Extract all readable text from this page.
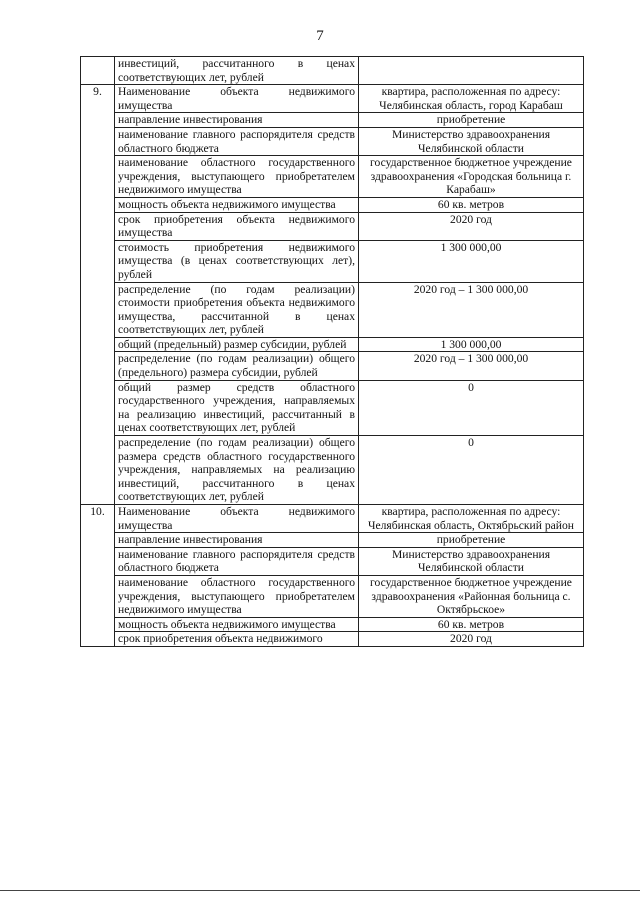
7
	инвестиций, рассчитанного в ценах соответствующих лет, рублей	
9.	Наименование объекта недвижимого имущества	квартира, расположенная по адресу: Челябинская область, город Карабаш
	направление инвестирования	приобретение
	наименование главного распорядителя средств областного бюджета	Министерство здравоохранения Челябинской области
	наименование областного государственного учреждения, выступающего приобретателем недвижимого имущества	государственное бюджетное учреждение здравоохранения «Городская больница г. Карабаш»
	мощность объекта недвижимого имущества	60 кв. метров
	срок приобретения объекта недвижимого имущества	2020 год
	стоимость приобретения недвижимого имущества (в ценах соответствующих лет), рублей	1 300 000,00
	распределение (по годам реализации) стоимости приобретения объекта недвижимого имущества, рассчитанной в ценах соответствующих лет, рублей	2020 год – 1 300 000,00
	общий (предельный) размер субсидии, рублей	1 300 000,00
	распределение (по годам реализации) общего (предельного) размера субсидии, рублей	2020 год – 1 300 000,00
	общий размер средств областного государственного учреждения, направляемых на реализацию инвестиций, рассчитанный в ценах соответствующих лет, рублей	0
	распределение (по годам реализации) общего размера средств областного государственного учреждения, направляемых на реализацию инвестиций, рассчитанного в ценах соответствующих лет, рублей	0
10.	Наименование объекта недвижимого имущества	квартира, расположенная по адресу: Челябинская область, Октябрьский район
	направление инвестирования	приобретение
	наименование главного распорядителя средств областного бюджета	Министерство здравоохранения Челябинской области
	наименование областного государственного учреждения, выступающего приобретателем недвижимого имущества	государственное бюджетное учреждение здравоохранения «Районная больница с. Октябрьское»
	мощность объекта недвижимого имущества	60 кв. метров
	срок приобретения объекта недвижимого	2020 год
